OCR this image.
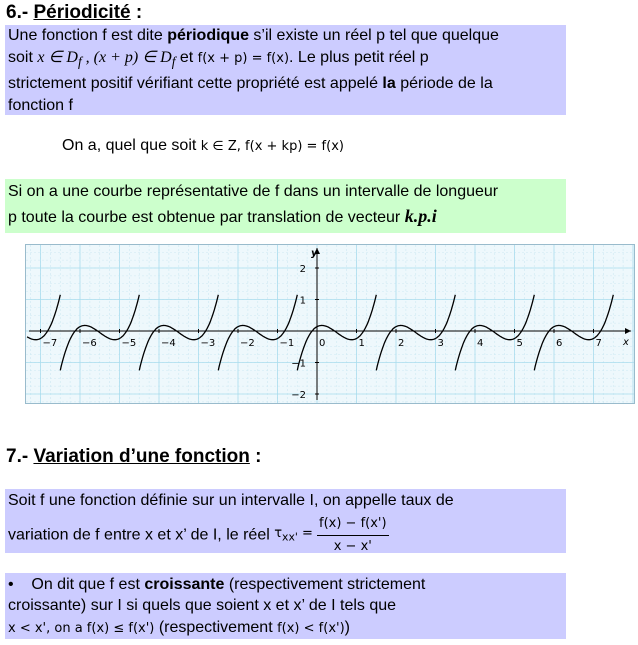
6.- Périodicité :
Une fonction f est dite périodique s’il existe un réel p tel que quelque
soit x ∈ $D_f$ , (x + p) ∈ $D_f$ et f(x + p) = f(x). Le plus petit réel p
strictement positif vérifiant cette propriété est appelé la période de la
fonction f
On a, quel que soit k ∈ Z, f(x + kp) = f(x)
Si on a une courbe représentative de f dans un intervalle de longueur
p toute la courbe est obtenue par translation de vecteur k.p.i
−7 −6 −5 −4 −3 −2 −1 0	1	2	3	4	5	6	7
2
1
−1
−2
x
y
7.- Variation d’une fonction :
Soit f une fonction définie sur un intervalle I, on appelle taux de
variation de f entre x et x’ de I, le réel $\tau_{xx'} = \frac{f(x) - f(x')}{x - x'}$
• On dit que f est croissante (respectivement strictement
croissante) sur I si quels que soient x et x’ de I tels que
x < x', on a f(x) ≤ f(x') (respectivement f(x) < f(x'))
